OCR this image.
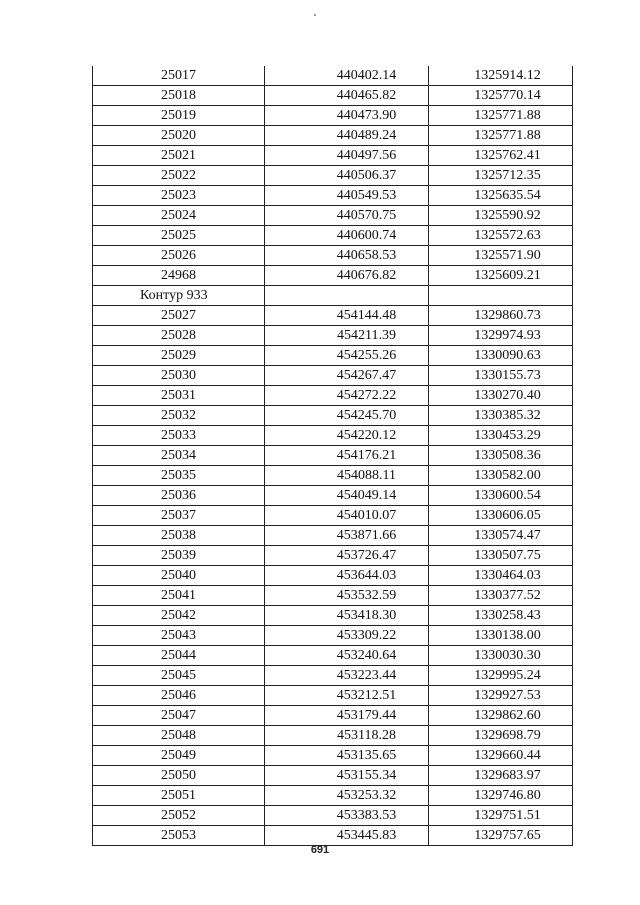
25017	440402.14	1325914.12
25018	440465.82	1325770.14
25019	440473.90	1325771.88
25020	440489.24	1325771.88
25021	440497.56	1325762.41
25022	440506.37	1325712.35
25023	440549.53	1325635.54
25024	440570.75	1325590.92
25025	440600.74	1325572.63
25026	440658.53	1325571.90
24968	440676.82	1325609.21
Контур 933		
25027	454144.48	1329860.73
25028	454211.39	1329974.93
25029	454255.26	1330090.63
25030	454267.47	1330155.73
25031	454272.22	1330270.40
25032	454245.70	1330385.32
25033	454220.12	1330453.29
25034	454176.21	1330508.36
25035	454088.11	1330582.00
25036	454049.14	1330600.54
25037	454010.07	1330606.05
25038	453871.66	1330574.47
25039	453726.47	1330507.75
25040	453644.03	1330464.03
25041	453532.59	1330377.52
25042	453418.30	1330258.43
25043	453309.22	1330138.00
25044	453240.64	1330030.30
25045	453223.44	1329995.24
25046	453212.51	1329927.53
25047	453179.44	1329862.60
25048	453118.28	1329698.79
25049	453135.65	1329660.44
25050	453155.34	1329683.97
25051	453253.32	1329746.80
25052	453383.53	1329751.51
25053	453445.83	1329757.65
691
